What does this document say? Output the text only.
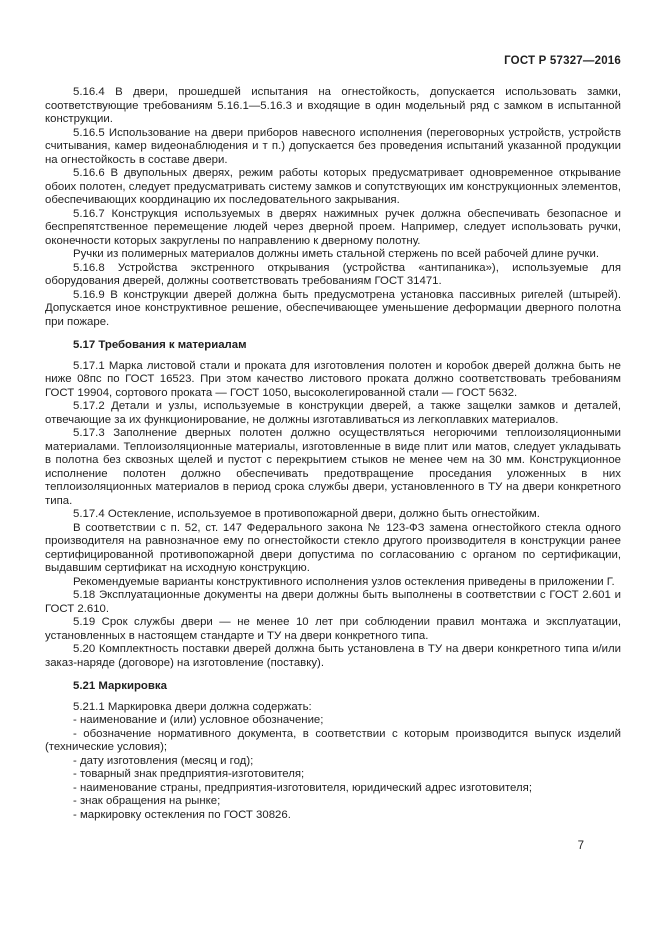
ГОСТ Р 57327—2016

5.16.4 В двери, прошедшей испытания на огнестойкость, допускается использовать замки, соответствующие требованиям 5.16.1—5.16.3 и входящие в один модельный ряд с замком в испытанной конструкции.

5.16.5 Использование на двери приборов навесного исполнения (переговорных устройств, устройств считывания, камер видеонаблюдения и т п.) допускается без проведения испытаний указанной продукции на огнестойкость в составе двери.

5.16.6 В двупольных дверях, режим работы которых предусматривает одновременное открывание обоих полотен, следует предусматривать систему замков и сопутствующих им конструкционных элементов, обеспечивающих координацию их последовательного закрывания.

5.16.7 Конструкция используемых в дверях нажимных ручек должна обеспечивать безопасное и беспрепятственное перемещение людей через дверной проем. Например, следует использовать ручки, оконечности которых закруглены по направлению к дверному полотну.

Ручки из полимерных материалов должны иметь стальной стержень по всей рабочей длине ручки.

5.16.8 Устройства экстренного открывания (устройства «антипаника»), используемые для оборудования дверей, должны соответствовать требованиям ГОСТ 31471.

5.16.9 В конструкции дверей должна быть предусмотрена установка пассивных ригелей (штырей). Допускается иное конструктивное решение, обеспечивающее уменьшение деформации дверного полотна при пожаре.

5.17 Требования к материалам

5.17.1 Марка листовой стали и проката для изготовления полотен и коробок дверей должна быть не ниже 08пс по ГОСТ 16523. При этом качество листового проката должно соответствовать требованиям ГОСТ 19904, сортового проката — ГОСТ 1050, высоколегированной стали — ГОСТ 5632.

5.17.2 Детали и узлы, используемые в конструкции дверей, а также защелки замков и деталей, отвечающие за их функционирование, не должны изготавливаться из легкоплавких материалов.

5.17.3 Заполнение дверных полотен должно осуществляться негорючими теплоизоляционными материалами. Теплоизоляционные материалы, изготовленные в виде плит или матов, следует укладывать в полотна без сквозных щелей и пустот с перекрытием стыков не менее чем на 30 мм. Конструкционное исполнение полотен должно обеспечивать предотвращение проседания уложенных в них теплоизоляционных материалов в период срока службы двери, установленного в ТУ на двери конкретного типа.

5.17.4 Остекление, используемое в противопожарной двери, должно быть огнестойким.

В соответствии с п. 52, ст. 147 Федерального закона № 123-ФЗ замена огнестойкого стекла одного производителя на равнозначное ему по огнестойкости стекло другого производителя в конструкции ранее сертифицированной противопожарной двери допустима по согласованию с органом по сертификации, выдавшим сертификат на исходную конструкцию.

Рекомендуемые варианты конструктивного исполнения узлов остекления приведены в приложении Г.

5.18 Эксплуатационные документы на двери должны быть выполнены в соответствии с ГОСТ 2.601 и ГОСТ 2.610.

5.19 Срок службы двери — не менее 10 лет при соблюдении правил монтажа и эксплуатации, установленных в настоящем стандарте и ТУ на двери конкретного типа.

5.20 Комплектность поставки дверей должна быть установлена в ТУ на двери конкретного типа и/или заказ-наряде (договоре) на изготовление (поставку).

5.21 Маркировка

5.21.1 Маркировка двери должна содержать:

- наименование и (или) условное обозначение;

- обозначение нормативного документа, в соответствии с которым производится выпуск изделий (технические условия);

- дату изготовления (месяц и год);

- товарный знак предприятия-изготовителя;

- наименование страны, предприятия-изготовителя, юридический адрес изготовителя;

- знак обращения на рынке;

- маркировку остекления по ГОСТ 30826.

7
